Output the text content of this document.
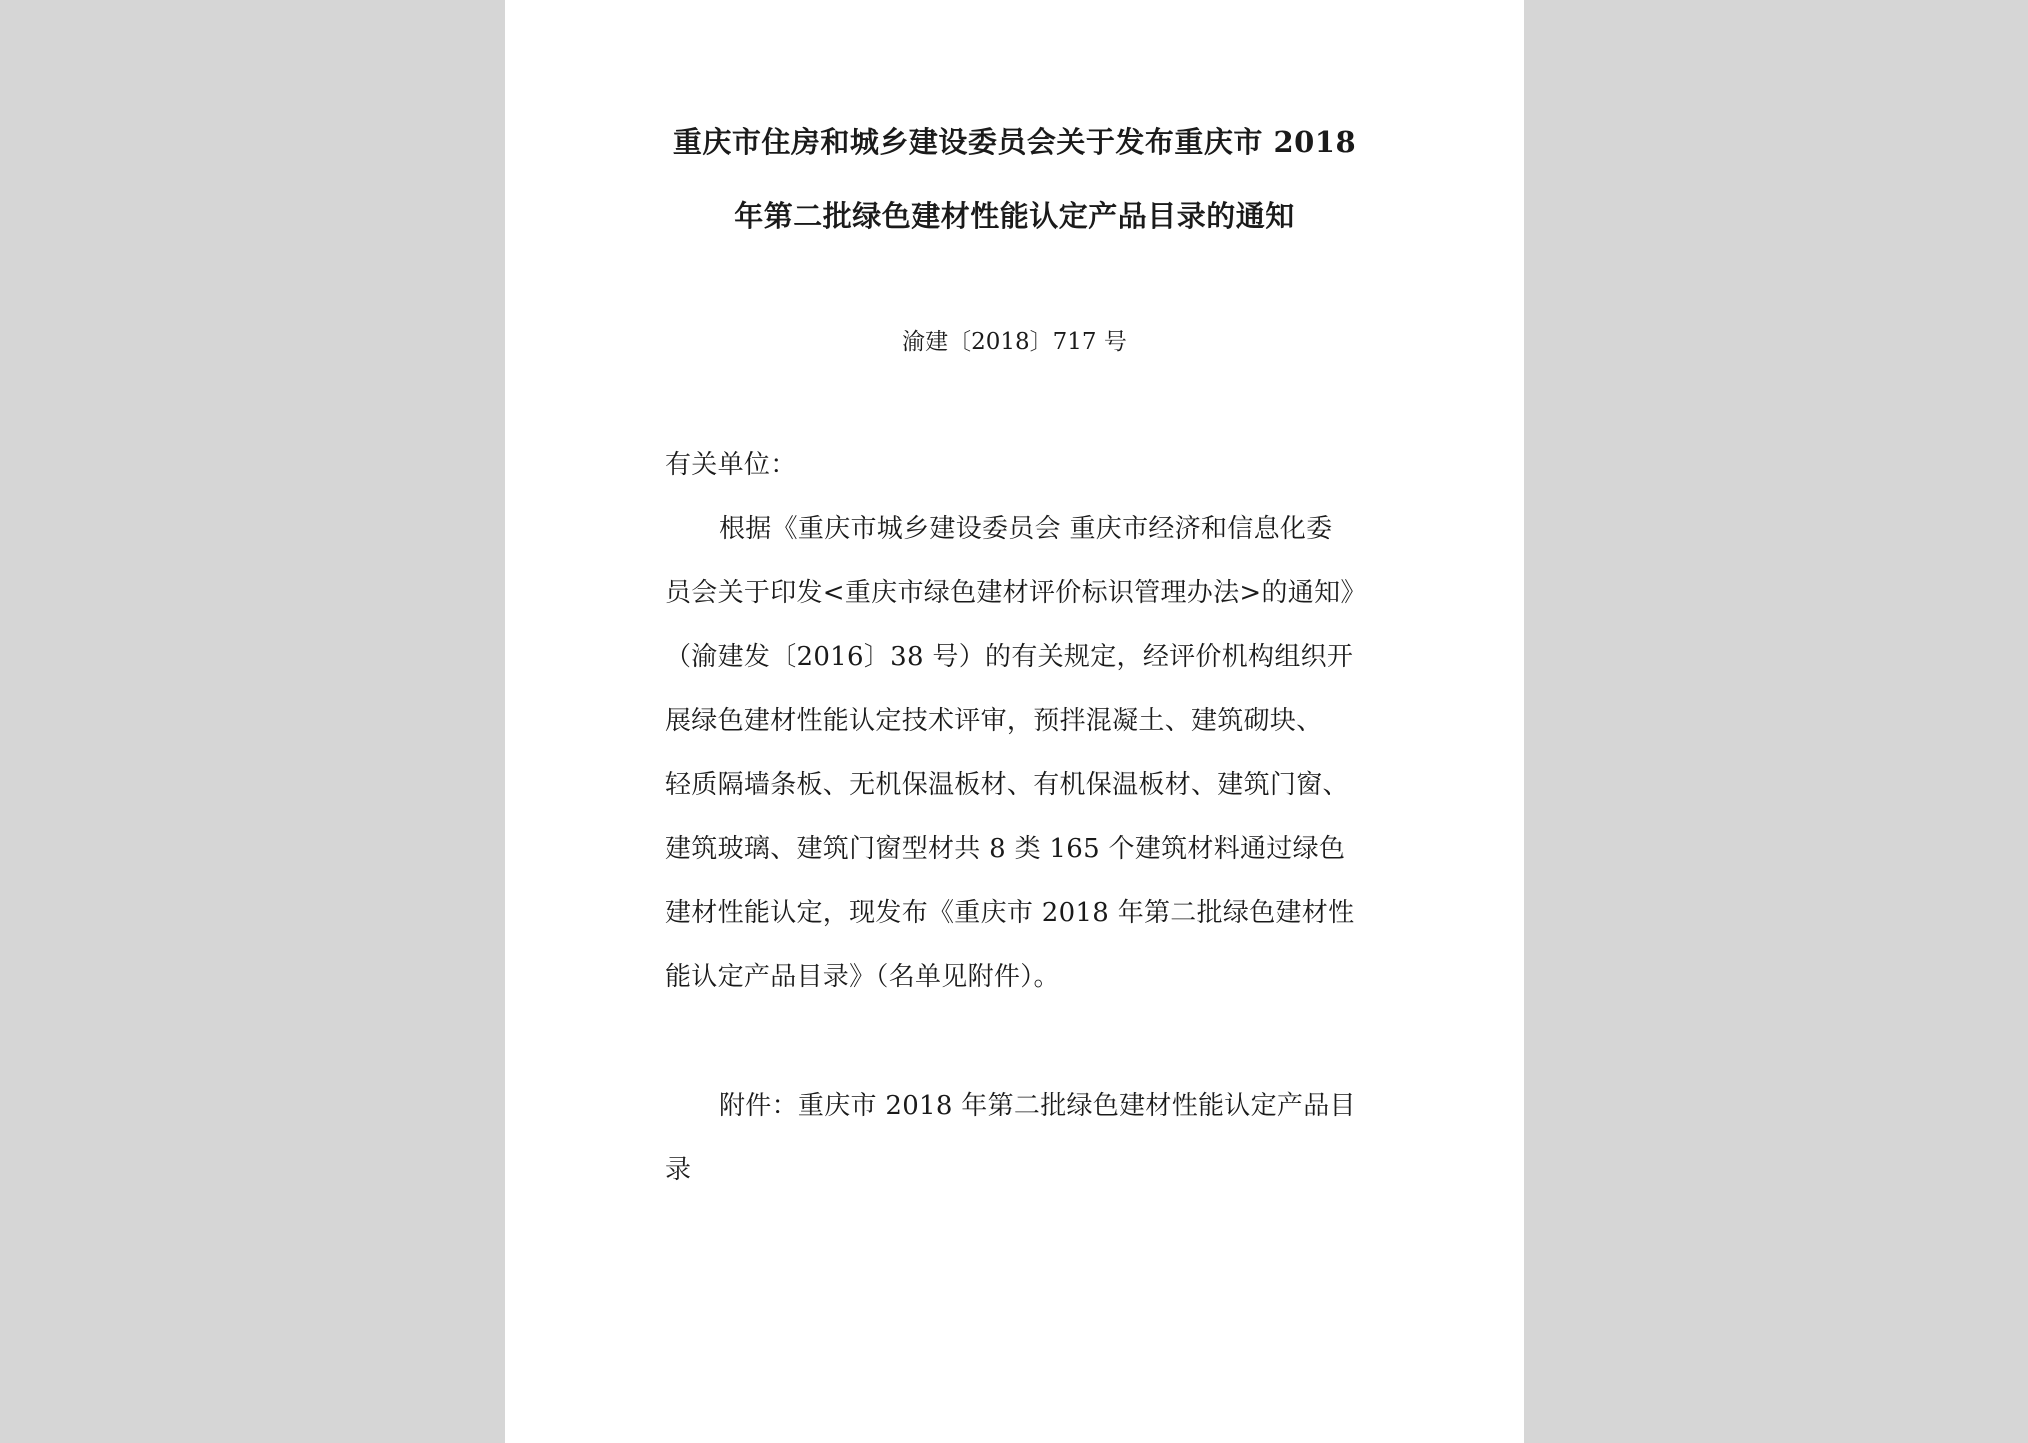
重庆市住房和城乡建设委员会关于发布重庆市 2018
年第二批绿色建材性能认定产品目录的通知
渝建〔2018〕717 号
有关单位：
根据《重庆市城乡建设委员会 重庆市经济和信息化委
员会关于印发<重庆市绿色建材评价标识管理办法>的通知》
（渝建发〔2016〕38 号）的有关规定，经评价机构组织开
展绿色建材性能认定技术评审，预拌混凝土、建筑砌块、
轻质隔墙条板、无机保温板材、有机保温板材、建筑门窗、
建筑玻璃、建筑门窗型材共 8 类 165 个建筑材料通过绿色
建材性能认定，现发布《重庆市 2018 年第二批绿色建材性
能认定产品目录》（名单见附件）。
附件：重庆市 2018 年第二批绿色建材性能认定产品目
录
